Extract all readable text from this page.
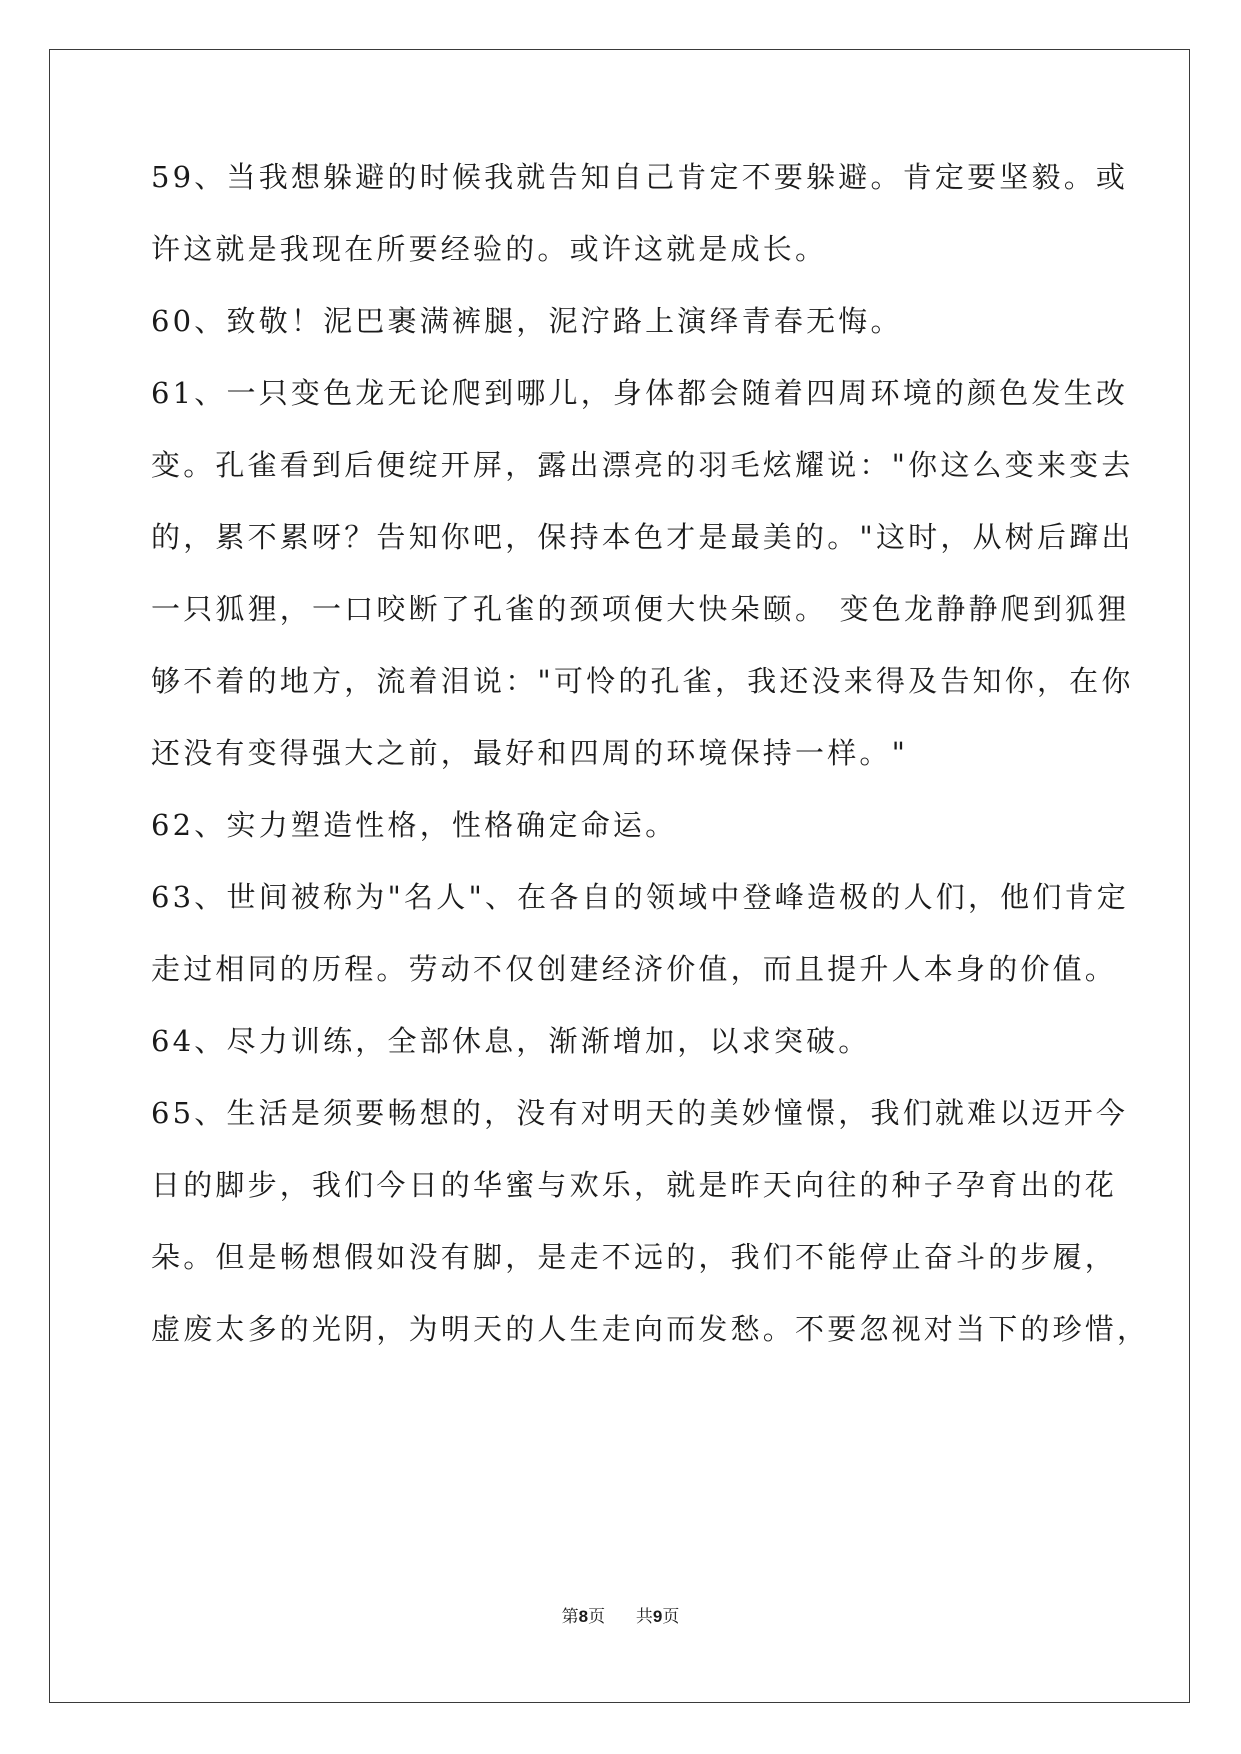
59、当我想躲避的时候我就告知自己肯定不要躲避。肯定要坚毅。或
许这就是我现在所要经验的。或许这就是成长。
60、致敬！泥巴裹满裤腿，泥泞路上演绎青春无悔。
61、一只变色龙无论爬到哪儿，身体都会随着四周环境的颜色发生改
变。孔雀看到后便绽开屏，露出漂亮的羽毛炫耀说："你这么变来变去
的，累不累呀？告知你吧，保持本色才是最美的。"这时，从树后蹿出
一只狐狸，一口咬断了孔雀的颈项便大快朵颐。 变色龙静静爬到狐狸
够不着的地方，流着泪说："可怜的孔雀，我还没来得及告知你，在你
还没有变得强大之前，最好和四周的环境保持一样。"
62、实力塑造性格，性格确定命运。
63、世间被称为"名人"、在各自的领域中登峰造极的人们，他们肯定
走过相同的历程。劳动不仅创建经济价值，而且提升人本身的价值。
64、尽力训练，全部休息，渐渐增加，以求突破。
65、生活是须要畅想的，没有对明天的美妙憧憬，我们就难以迈开今
日的脚步，我们今日的华蜜与欢乐，就是昨天向往的种子孕育出的花
朵。但是畅想假如没有脚，是走不远的，我们不能停止奋斗的步履，
虚废太多的光阴，为明天的人生走向而发愁。不要忽视对当下的珍惜，
第8页 共9页
